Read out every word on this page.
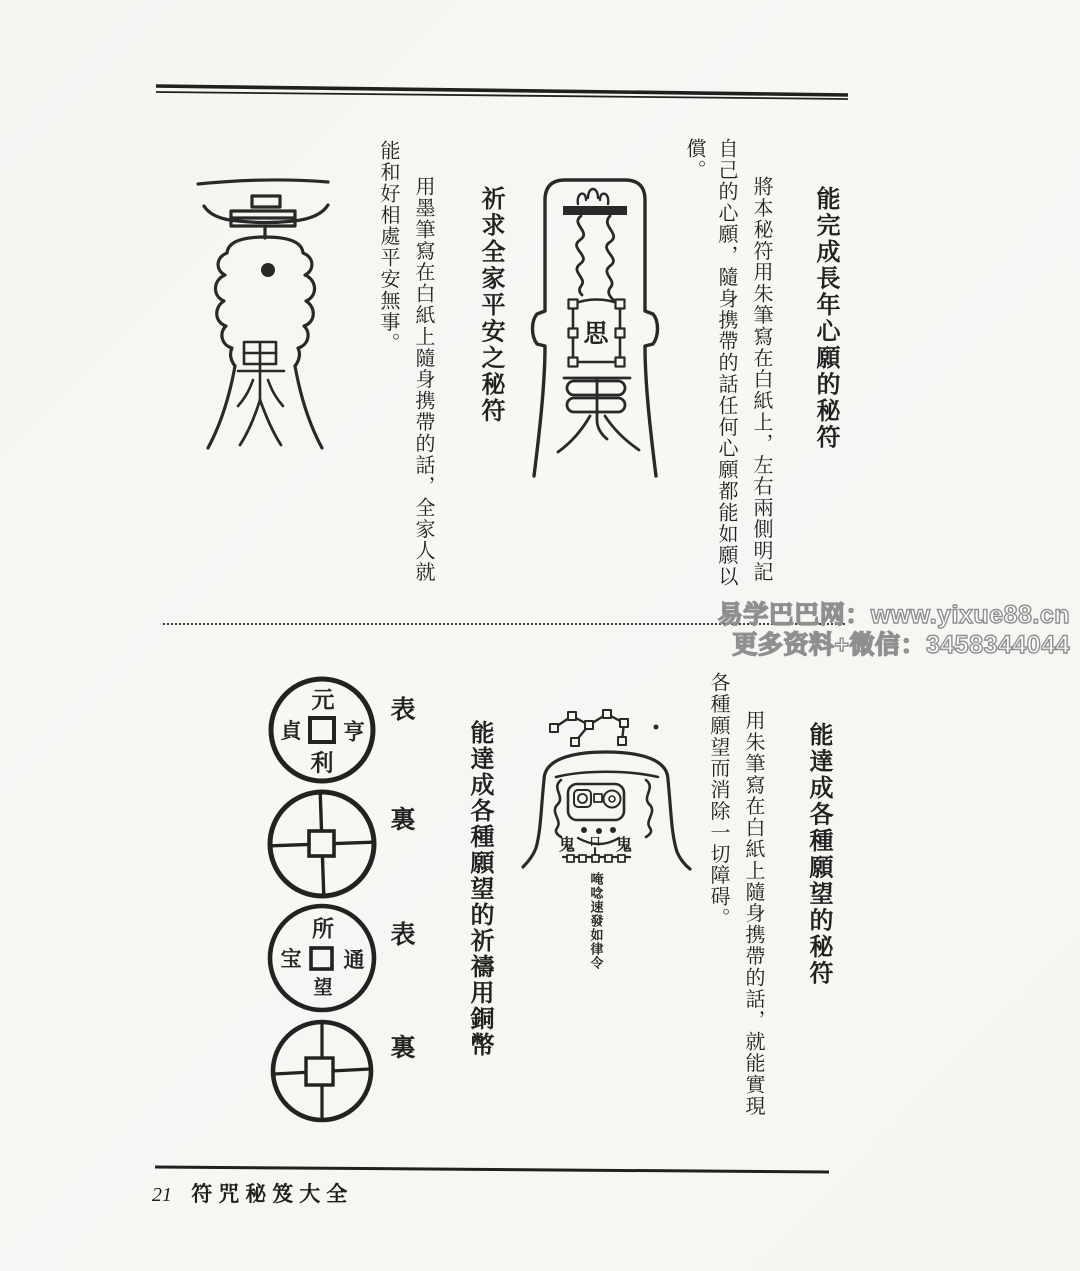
能完成長年心願的秘符
將本秘符用朱筆寫在白紙上，左右兩側明記
自己的心願，隨身携帶的話任何心願都能如願以
償。
祈求全家平安之秘符
用墨筆寫在白紙上隨身携帶的話，全家人就
能和好相處平安無事。	思
易学巴巴网：www.yixue88.cn
更多资料+微信：3458344044
能達成各種願望的秘符
用朱筆寫在白紙上隨身携帶的話，就能實現
各種願望而消除一切障碍。
能達成各種願望的祈禱用銅幣
表
裏
表
裏
鬼 口 鬼
唵唸速發如律令
元
亨
利
貞
所
通
望
宝
21 符咒秘笈大全
